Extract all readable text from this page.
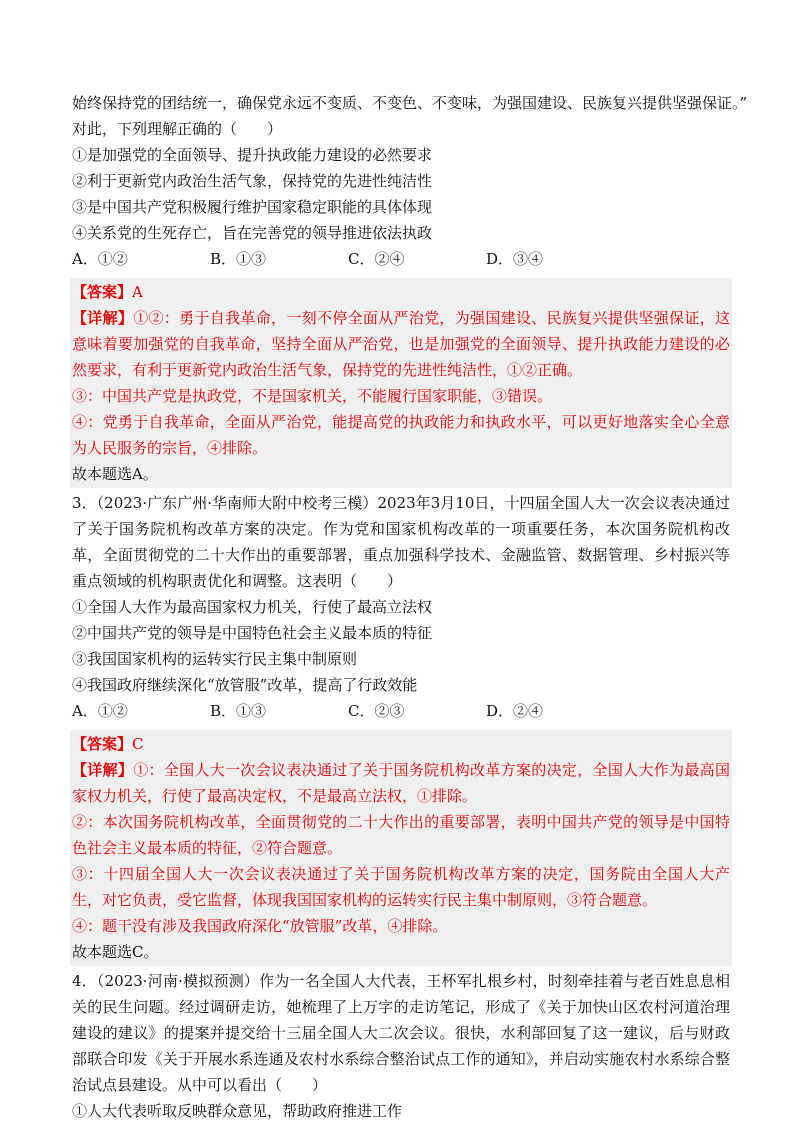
始终保持党的团结统一，确保党永远不变质、不变色、不变味，为强国建设、民族复兴提供坚强保证。”
对此，下列理解正确的（　　）
①是加强党的全面领导、提升执政能力建设的必然要求
②利于更新党内政治生活气象，保持党的先进性纯洁性
③是中国共产党积极履行维护国家稳定职能的具体体现
④关系党的生死存亡，旨在完善党的领导推进依法执政
A．①②	B．①③	C．②④	D．③④
【答案】A
【详解】①②：勇于自我革命，一刻不停全面从严治党，为强国建设、民族复兴提供坚强保证，这意味着要加强党的自我革命，坚持全面从严治党，也是加强党的全面领导、提升执政能力建设的必然要求，有利于更新党内政治生活气象，保持党的先进性纯洁性，①②正确。
③：中国共产党是执政党，不是国家机关，不能履行国家职能，③错误。
④：党勇于自我革命，全面从严治党，能提高党的执政能力和执政水平，可以更好地落实全心全意为人民服务的宗旨，④排除。
故本题选A。
3．（2023·广东广州·华南师大附中校考三模）2023年3月10日，十四届全国人大一次会议表决通过了关于国务院机构改革方案的决定。作为党和国家机构改革的一项重要任务，本次国务院机构改革，全面贯彻党的二十大作出的重要部署，重点加强科学技术、金融监管、数据管理、乡村振兴等重点领域的机构职责优化和调整。这表明（　　）
①全国人大作为最高国家权力机关，行使了最高立法权
②中国共产党的领导是中国特色社会主义最本质的特征
③我国国家机构的运转实行民主集中制原则
④我国政府继续深化“放管服”改革，提高了行政效能
A．①②	B．①③	C．②③	D．②④
【答案】C
【详解】①：全国人大一次会议表决通过了关于国务院机构改革方案的决定，全国人大作为最高国家权力机关，行使了最高决定权，不是最高立法权，①排除。
②：本次国务院机构改革，全面贯彻党的二十大作出的重要部署，表明中国共产党的领导是中国特色社会主义最本质的特征，②符合题意。
③：十四届全国人大一次会议表决通过了关于国务院机构改革方案的决定，国务院由全国人大产生，对它负责，受它监督，体现我国国家机构的运转实行民主集中制原则，③符合题意。
④：题干没有涉及我国政府深化“放管服”改革，④排除。
故本题选C。
4．（2023·河南·模拟预测）作为一名全国人大代表，王杯军扎根乡村，时刻牵挂着与老百姓息息相关的民生问题。经过调研走访，她梳理了上万字的走访笔记，形成了《关于加快山区农村河道治理建设的建议》的提案并提交给十三届全国人大二次会议。很快，水利部回复了这一建议，后与财政部联合印发《关于开展水系连通及农村水系综合整治试点工作的通知》，并启动实施农村水系综合整治试点县建设。从中可以看出（　　）
①人大代表听取反映群众意见，帮助政府推进工作
